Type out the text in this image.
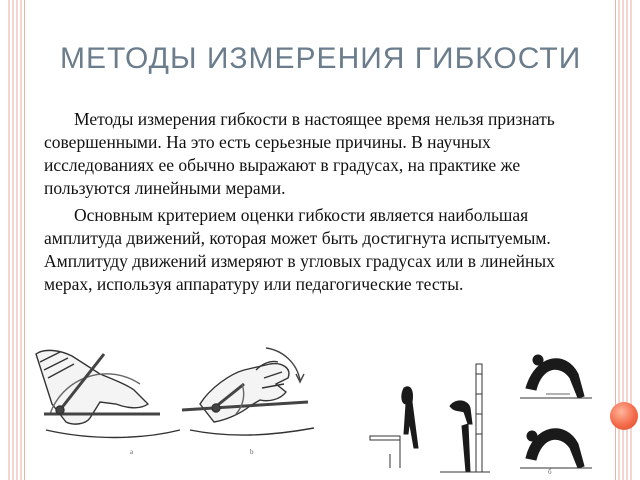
МЕТОДЫ ИЗМЕРЕНИЯ ГИБКОСТИ

Методы измерения гибкости в настоящее время нельзя признать совершенными. На это есть серьезные причины. В научных исследованиях ее обычно выражают в градусах, на практике же пользуются линейными мерами.

Основным критерием оценки гибкости является наибольшая амплитуда движений, которая может быть достигнута испытуемым. Амплитуду движений измеряют в угловых градусах или в линейных мерах, используя аппаратуру или педагогические тесты.

а	b
б
